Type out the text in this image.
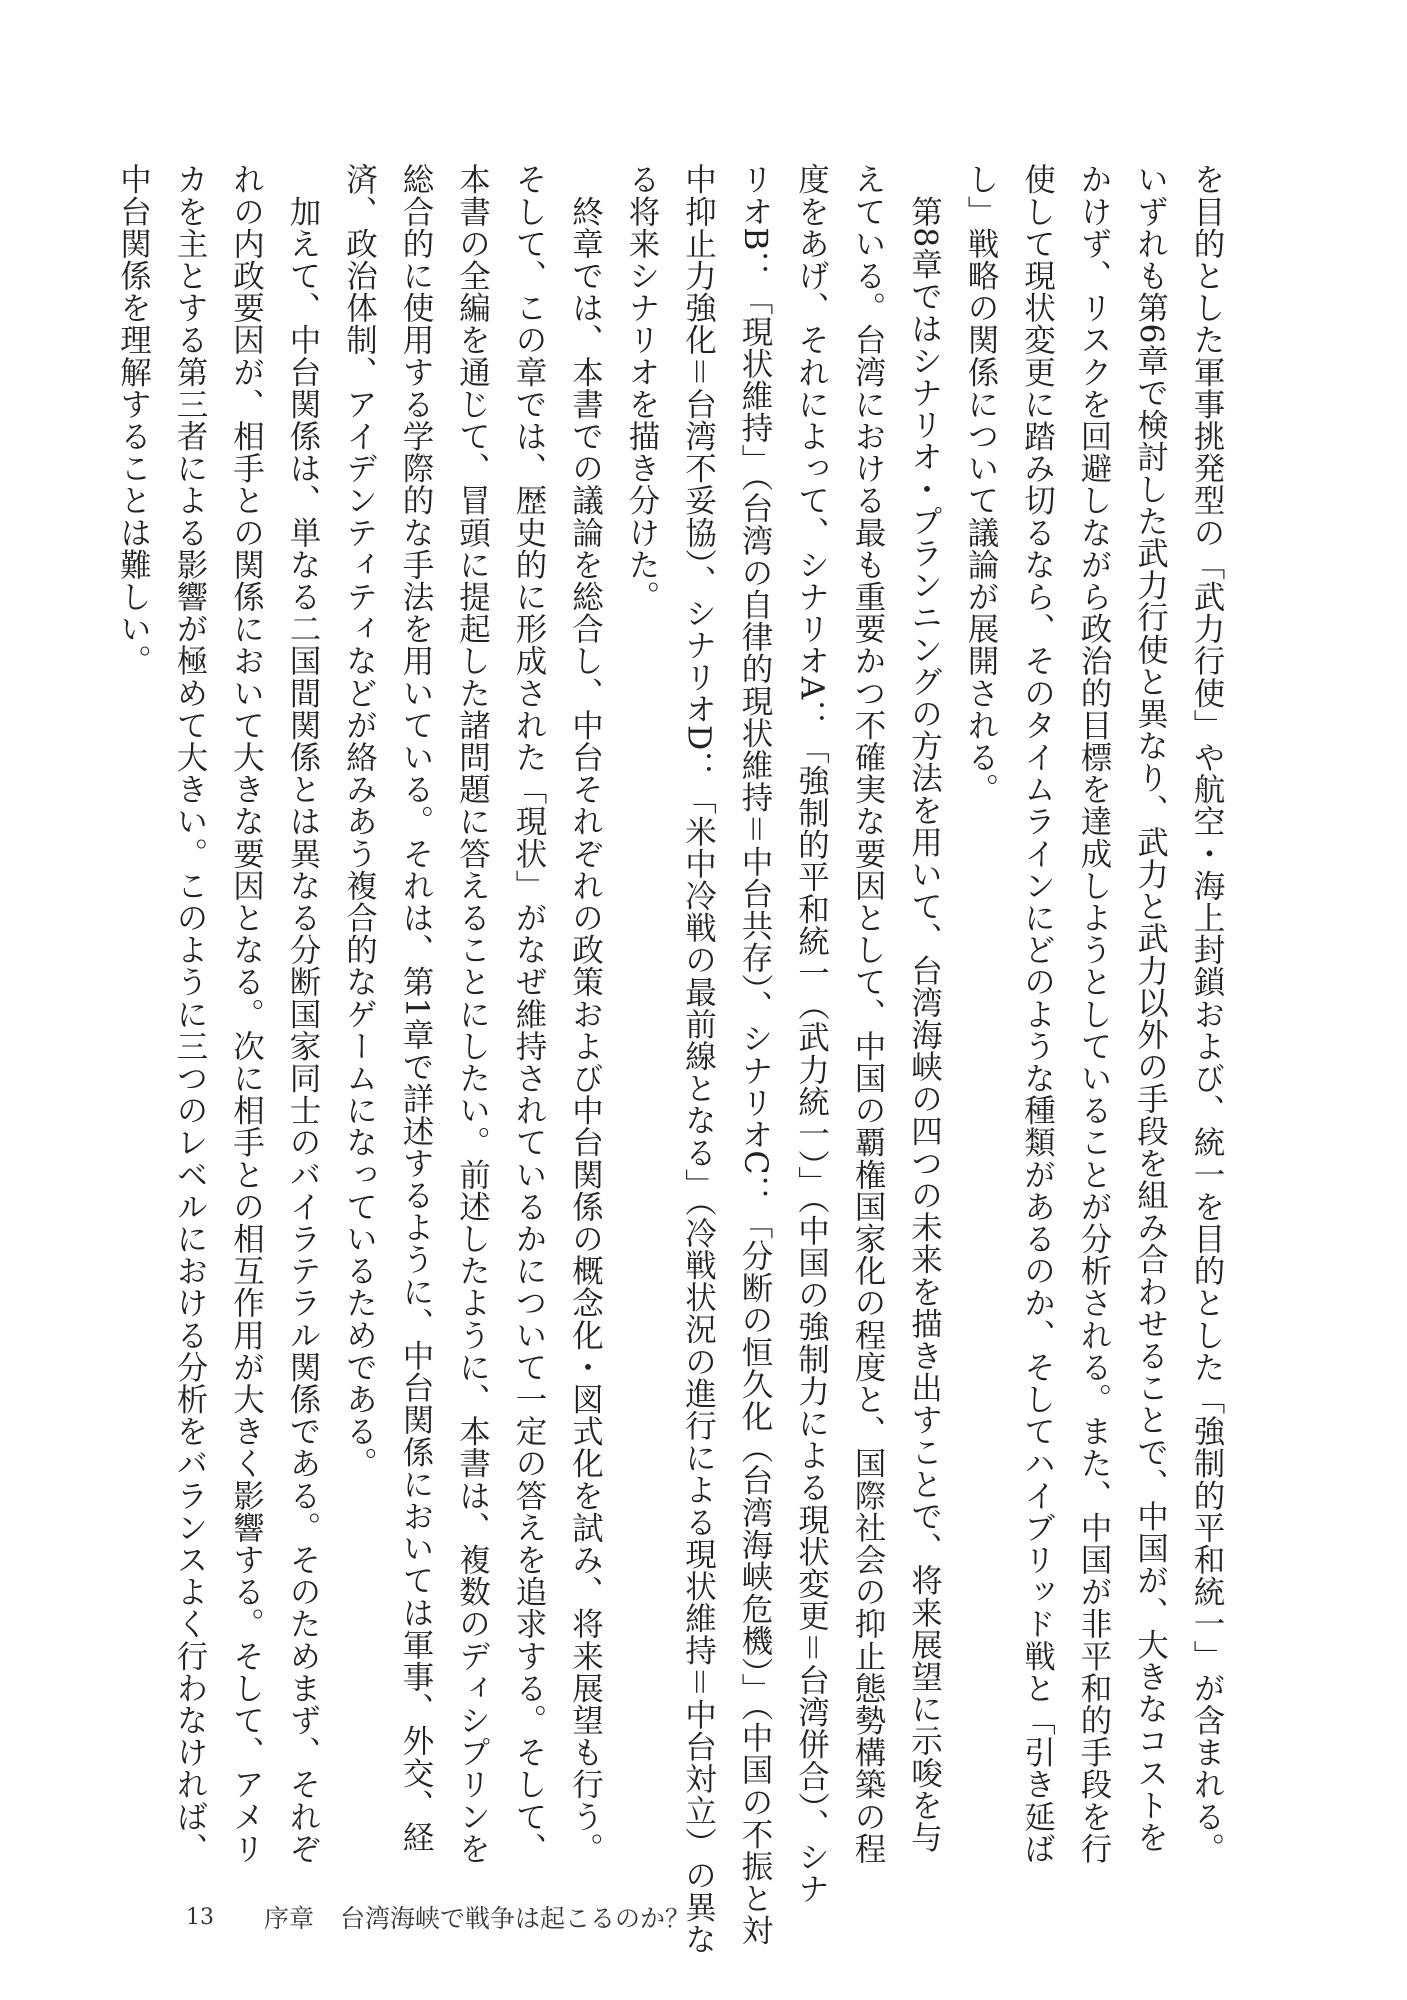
を目的とした軍事挑発型の「武力行使」や航空・海上封鎖および、統一を目的とした「強制的平和統一」が含まれる。
いずれも第6章で検討した武力行使と異なり、武力と武力以外の手段を組み合わせることで、中国が、大きなコストを
かけず、リスクを回避しながら政治的目標を達成しようとしていることが分析される。また、中国が非平和的手段を行
使して現状変更に踏み切るなら、そのタイムラインにどのような種類があるのか、そしてハイブリッド戦と「引き延ば
し」戦略の関係について議論が展開される。
　第8章ではシナリオ・プランニングの方法を用いて、台湾海峡の四つの未来を描き出すことで、将来展望に示唆を与
えている。台湾における最も重要かつ不確実な要因として、中国の覇権国家化の程度と、国際社会の抑止態勢構築の程
度をあげ、それによって、シナリオA：「強制的平和統一（武力統一）」（中国の強制力による現状変更＝台湾併合）、シナ
リオB：「現状維持」（台湾の自律的現状維持＝中台共存）、シナリオC：「分断の恒久化（台湾海峡危機）」（中国の不振と対
中抑止力強化＝台湾不妥協）、シナリオD：「米中冷戦の最前線となる」（冷戦状況の進行による現状維持＝中台対立）の異な
る将来シナリオを描き分けた。
　終章では、本書での議論を総合し、中台それぞれの政策および中台関係の概念化・図式化を試み、将来展望も行う。
そして、この章では、歴史的に形成された「現状」がなぜ維持されているかについて一定の答えを追求する。そして、
本書の全編を通じて、冒頭に提起した諸問題に答えることにしたい。前述したように、本書は、複数のディシプリンを
総合的に使用する学際的な手法を用いている。それは、第1章で詳述するように、中台関係においては軍事、外交、経
済、政治体制、アイデンティティなどが絡みあう複合的なゲームになっているためである。
　加えて、中台関係は、単なる二国間関係とは異なる分断国家同士のバイラテラル関係である。そのためまず、それぞ
れの内政要因が、相手との関係において大きな要因となる。次に相手との相互作用が大きく影響する。そして、アメリ
カを主とする第三者による影響が極めて大きい。このように三つのレベルにおける分析をバランスよく行わなければ、
中台関係を理解することは難しい。
13 序章 台湾海峡で戦争は起こるのか？
